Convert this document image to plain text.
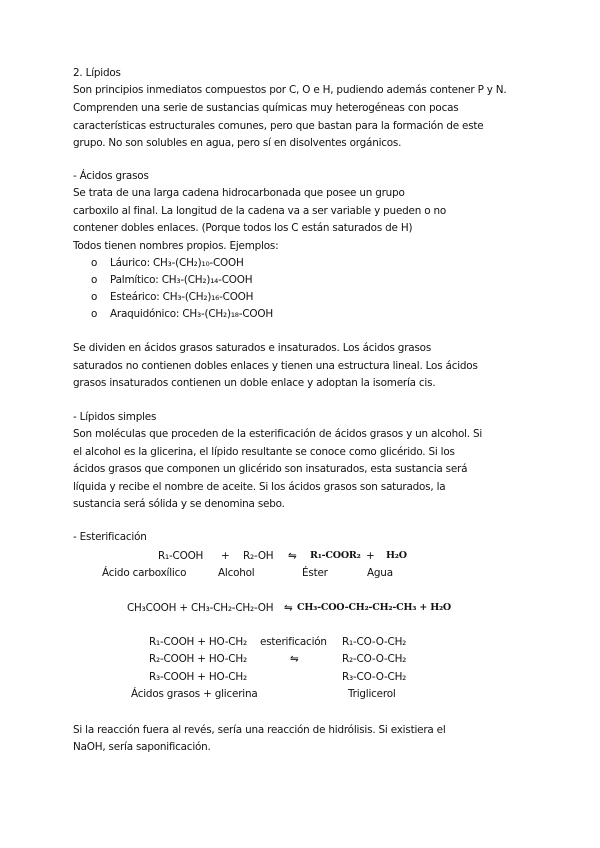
2. Lípidos
Son principios inmediatos compuestos por C, O e H, pudiendo además contener P y N.
Comprenden una serie de sustancias químicas muy heterogéneas con pocas
características estructurales comunes, pero que bastan para la formación de este
grupo. No son solubles en agua, pero sí en disolventes orgánicos.
- Ácidos grasos
Se trata de una larga cadena hidrocarbonada que posee un grupo
carboxilo al final. La longitud de la cadena va a ser variable y pueden o no
contener dobles enlaces. (Porque todos los C están saturados de H)
Todos tienen nombres propios. Ejemplos:
o Láurico: CH₃-(CH₂)₁₀-COOH
o Palmítico: CH₃-(CH₂)₁₄-COOH
o Esteárico: CH₃-(CH₂)₁₆-COOH
o Araquidónico: CH₃-(CH₂)₁₈-COOH
Se dividen en ácidos grasos saturados e insaturados. Los ácidos grasos
saturados no contienen dobles enlaces y tienen una estructura lineal. Los ácidos
grasos insaturados contienen un doble enlace y adoptan la isomería cis.
- Lípidos simples
Son moléculas que proceden de la esterificación de ácidos grasos y un alcohol. Si
el alcohol es la glicerina, el lípido resultante se conoce como glicérido. Si los
ácidos grasos que componen un glicérido son insaturados, esta sustancia será
líquida y recibe el nombre de aceite. Si los ácidos grasos son saturados, la
sustancia será sólida y se denomina sebo.
- Esterificación
R₁-COOH + R₂-OH ⇋ R₁-COOR₂ + H₂O
Ácido carboxílico	Alcohol	Éster	Agua
CH₃COOH + CH₃-CH₂-CH₂-OH ⇋ CH₃-COO-CH₂-CH₂-CH₃ + H₂O
R₁-COOH + HO-CH₂
R₂-COOH + HO-CH₂
R₃-COOH + HO-CH₂
esterificación
⇋
R₁-CO-O-CH₂
R₂-CO-O-CH₂
R₃-CO-O-CH₂
Ácidos grasos + glicerina	Triglicerol
Si la reacción fuera al revés, sería una reacción de hidrólisis. Si existiera el
NaOH, sería saponificación.
